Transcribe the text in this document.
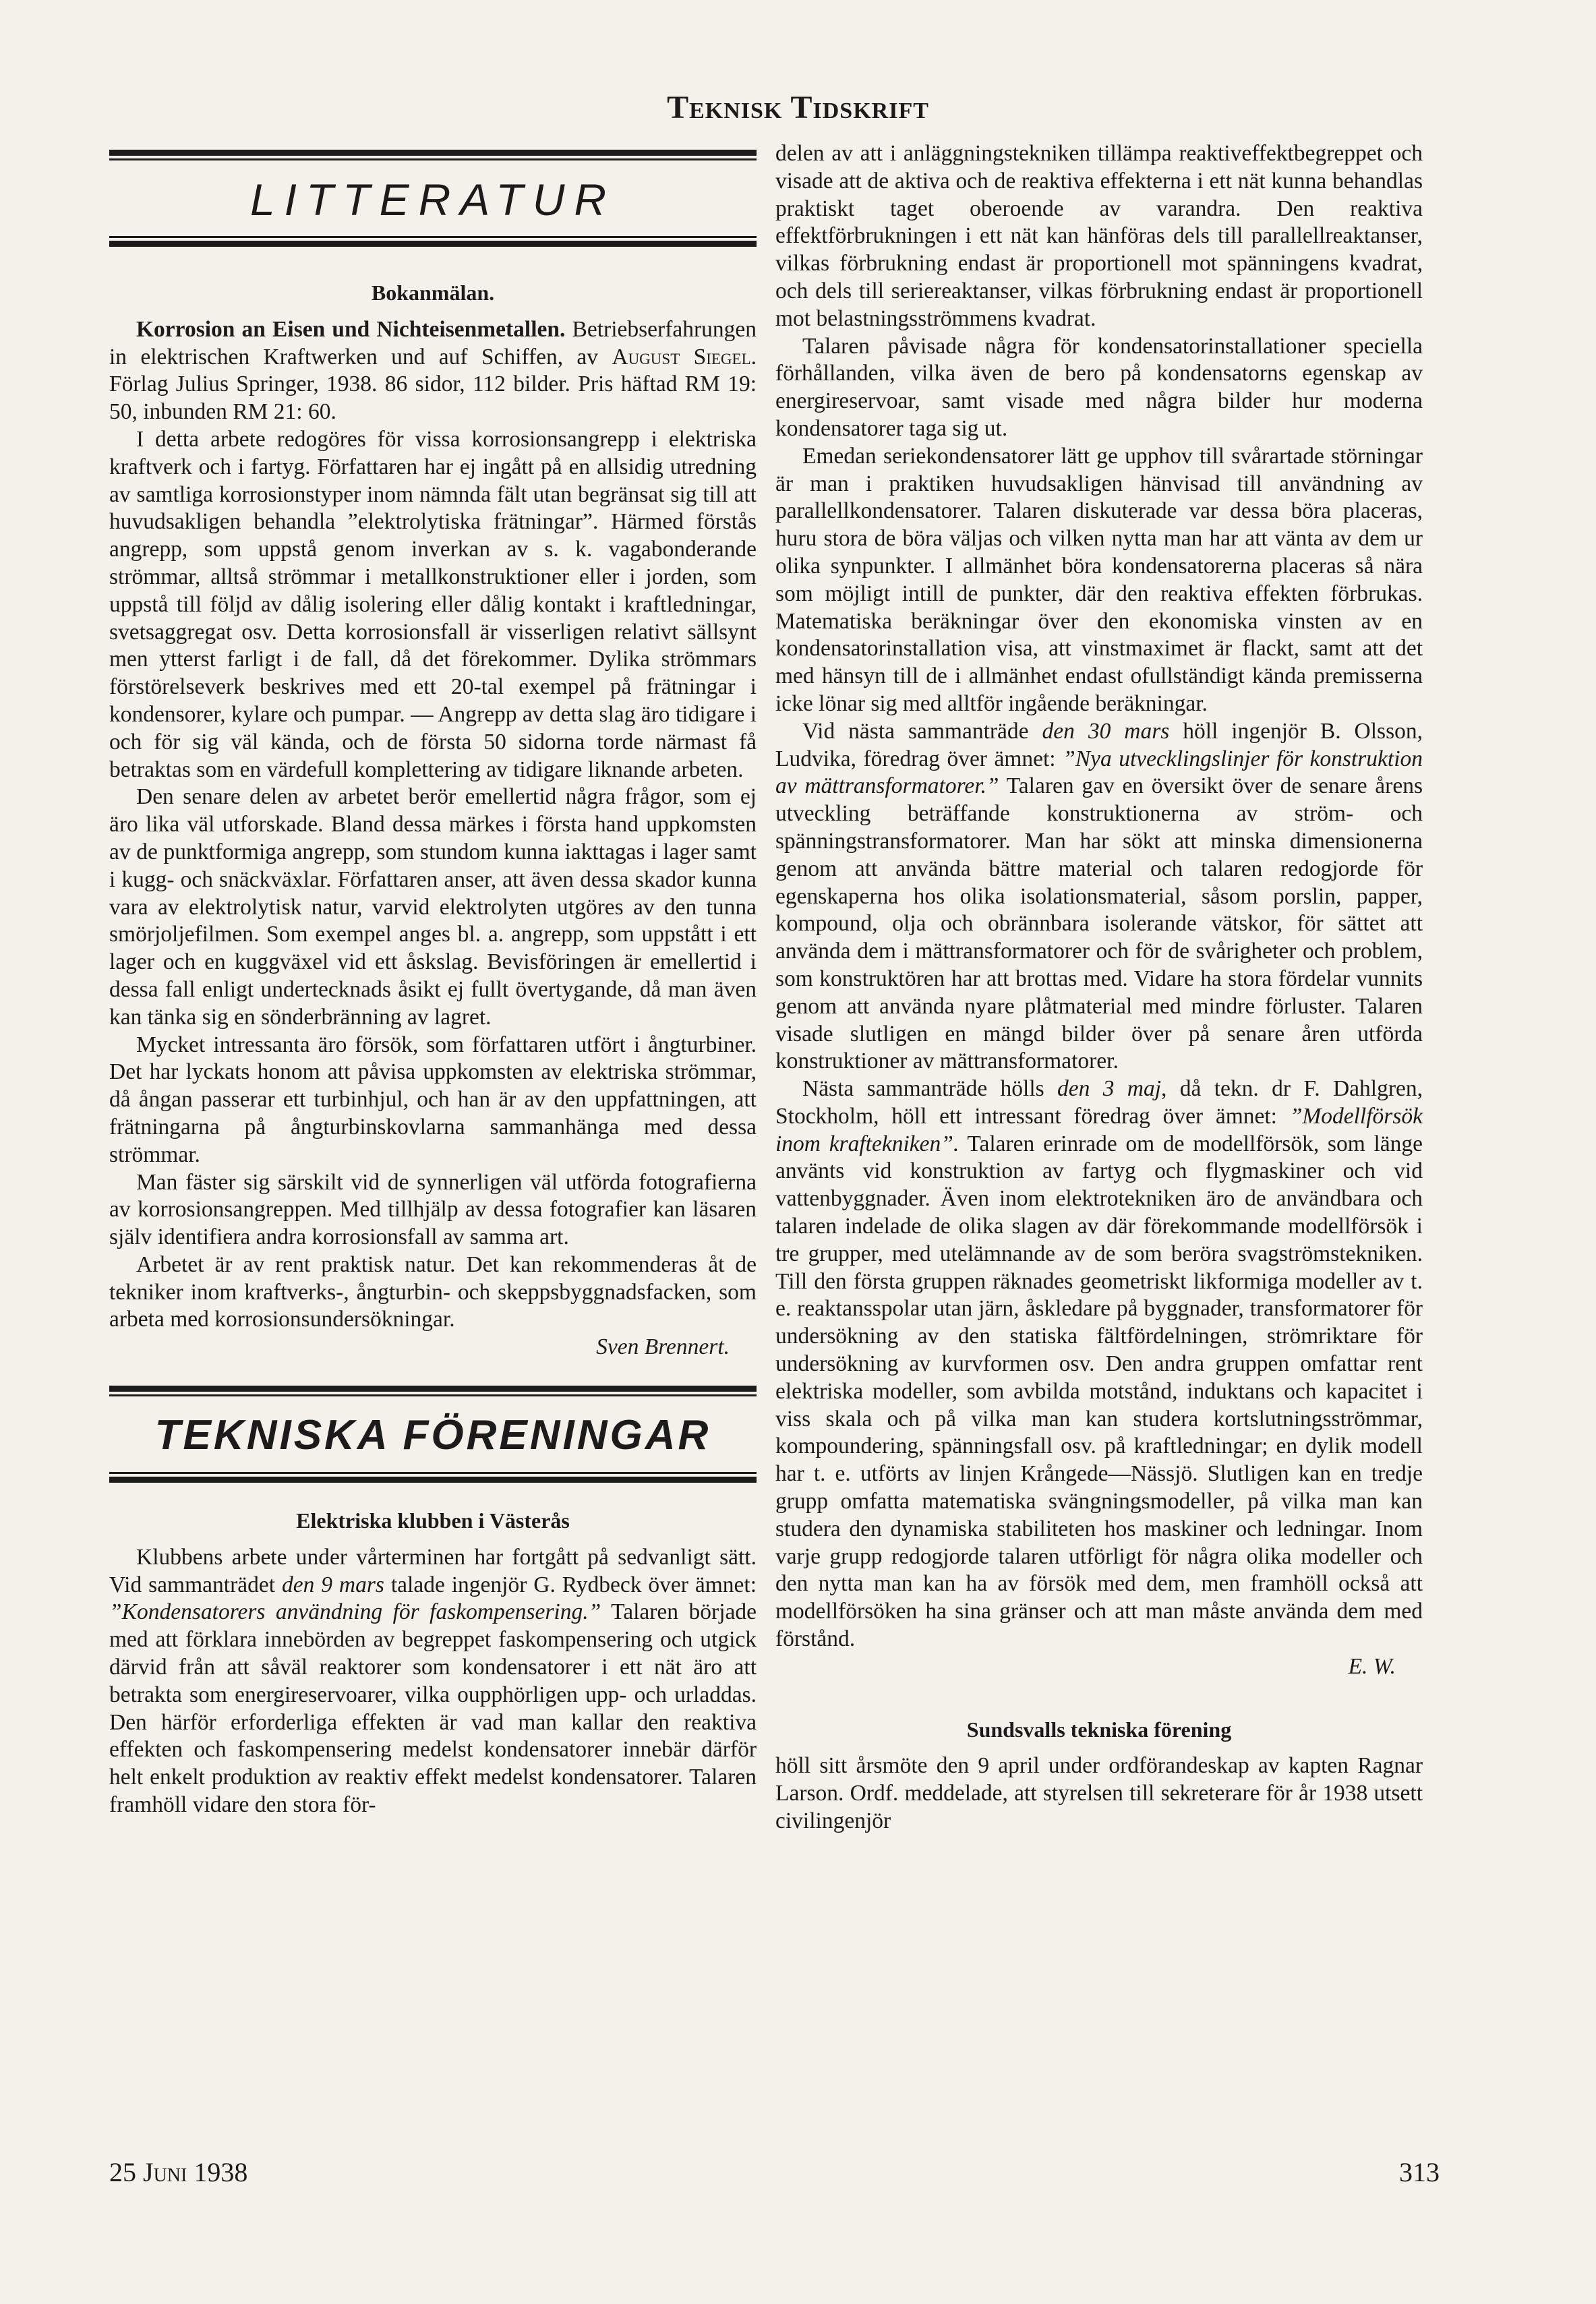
Teknisk Tidskrift
LITTERATUR
Bokanmälan.

Korrosion an Eisen und Nichteisenmetallen. Betriebserfahrungen in elektrischen Kraftwerken und auf Schiffen, av August Siegel. Förlag Julius Springer, 1938. 86 sidor, 112 bilder. Pris häftad RM 19: 50, inbunden RM 21: 60.

I detta arbete redogöres för vissa korrosionsangrepp i elektriska kraftverk och i fartyg. Författaren har ej ingått på en allsidig utredning av samtliga korrosionstyper inom nämnda fält utan begränsat sig till att huvudsakligen behandla ”elektrolytiska frätningar”. Härmed förstås angrepp, som uppstå genom inverkan av s. k. vagabonderande strömmar, alltså strömmar i metallkonstruktioner eller i jorden, som uppstå till följd av dålig isolering eller dålig kontakt i kraftledningar, svetsaggregat osv. Detta korrosionsfall är visserligen relativt sällsynt men ytterst farligt i de fall, då det förekommer. Dylika strömmars förstörelseverk beskrives med ett 20-tal exempel på frätningar i kondensorer, kylare och pumpar. — Angrepp av detta slag äro tidigare i och för sig väl kända, och de första 50 sidorna torde närmast få betraktas som en värdefull komplettering av tidigare liknande arbeten.

Den senare delen av arbetet berör emellertid några frågor, som ej äro lika väl utforskade. Bland dessa märkes i första hand uppkomsten av de punktformiga angrepp, som stundom kunna iakttagas i lager samt i kugg- och snäckväxlar. Författaren anser, att även dessa skador kunna vara av elektrolytisk natur, varvid elektrolyten utgöres av den tunna smörjoljefilmen. Som exempel anges bl. a. angrepp, som uppstått i ett lager och en kuggväxel vid ett åskslag. Bevisföringen är emellertid i dessa fall enligt undertecknads åsikt ej fullt övertygande, då man även kan tänka sig en sönderbränning av lagret.

Mycket intressanta äro försök, som författaren utfört i ångturbiner. Det har lyckats honom att påvisa uppkomsten av elektriska strömmar, då ångan passerar ett turbinhjul, och han är av den uppfattningen, att frätningarna på ångturbinskovlarna sammanhänga med dessa strömmar.

Man fäster sig särskilt vid de synnerligen väl utförda fotografierna av korrosionsangreppen. Med tillhjälp av dessa fotografier kan läsaren själv identifiera andra korrosionsfall av samma art.

Arbetet är av rent praktisk natur. Det kan rekommenderas åt de tekniker inom kraftverks-, ångturbin- och skeppsbyggnadsfacken, som arbeta med korrosionsundersökningar.

Sven Brennert.
TEKNISKA FÖRENINGAR
Elektriska klubben i Västerås

Klubbens arbete under vårterminen har fortgått på sedvanligt sätt. Vid sammanträdet den 9 mars talade ingenjör G. Rydbeck över ämnet: ”Kondensatorers användning för faskompensering.” Talaren började med att förklara innebörden av begreppet faskompensering och utgick därvid från att såväl reaktorer som kondensatorer i ett nät äro att betrakta som energireservoarer, vilka oupphörligen upp- och urladdas. Den härför erforderliga effekten är vad man kallar den reaktiva effekten och faskompensering medelst kondensatorer innebär därför helt enkelt produktion av reaktiv effekt medelst kondensatorer. Talaren framhöll vidare den stora för-

delen av att i anläggningstekniken tillämpa reaktiveffektbegreppet och visade att de aktiva och de reaktiva effekterna i ett nät kunna behandlas praktiskt taget oberoende av varandra. Den reaktiva effektförbrukningen i ett nät kan hänföras dels till parallellreaktanser, vilkas förbrukning endast är proportionell mot spänningens kvadrat, och dels till seriereaktanser, vilkas förbrukning endast är proportionell mot belastningsströmmens kvadrat.

Talaren påvisade några för kondensatorinstallationer speciella förhållanden, vilka även de bero på kondensatorns egenskap av energireservoar, samt visade med några bilder hur moderna kondensatorer taga sig ut.

Emedan seriekondensatorer lätt ge upphov till svårartade störningar är man i praktiken huvudsakligen hänvisad till användning av parallellkondensatorer. Talaren diskuterade var dessa böra placeras, huru stora de böra väljas och vilken nytta man har att vänta av dem ur olika synpunkter. I allmänhet böra kondensatorerna placeras så nära som möjligt intill de punkter, där den reaktiva effekten förbrukas. Matematiska beräkningar över den ekonomiska vinsten av en kondensatorinstallation visa, att vinstmaximet är flackt, samt att det med hänsyn till de i allmänhet endast ofullständigt kända premisserna icke lönar sig med alltför ingående beräkningar.

Vid nästa sammanträde den 30 mars höll ingenjör B. Olsson, Ludvika, föredrag över ämnet: ”Nya utvecklingslinjer för konstruktion av mättransformatorer.” Talaren gav en översikt över de senare årens utveckling beträffande konstruktionerna av ström- och spänningstransformatorer. Man har sökt att minska dimensionerna genom att använda bättre material och talaren redogjorde för egenskaperna hos olika isolationsmaterial, såsom porslin, papper, kompound, olja och obrännbara isolerande vätskor, för sättet att använda dem i mättransformatorer och för de svårigheter och problem, som konstruktören har att brottas med. Vidare ha stora fördelar vunnits genom att använda nyare plåtmaterial med mindre förluster. Talaren visade slutligen en mängd bilder över på senare åren utförda konstruktioner av mättransformatorer.

Nästa sammanträde hölls den 3 maj, då tekn. dr F. Dahlgren, Stockholm, höll ett intressant föredrag över ämnet: ”Modellförsök inom kraftekniken”. Talaren erinrade om de modellförsök, som länge använts vid konstruktion av fartyg och flygmaskiner och vid vattenbyggnader. Även inom elektrotekniken äro de användbara och talaren indelade de olika slagen av där förekommande modellförsök i tre grupper, med utelämnande av de som beröra svagströmstekniken. Till den första gruppen räknades geometriskt likformiga modeller av t. e. reaktansspolar utan järn, åskledare på byggnader, transformatorer för undersökning av den statiska fältfördelningen, strömriktare för undersökning av kurvformen osv. Den andra gruppen omfattar rent elektriska modeller, som avbilda motstånd, induktans och kapacitet i viss skala och på vilka man kan studera kortslutningsströmmar, kompoundering, spänningsfall osv. på kraftledningar; en dylik modell har t. e. utförts av linjen Krångede—Nässjö. Slutligen kan en tredje grupp omfatta matematiska svängningsmodeller, på vilka man kan studera den dynamiska stabiliteten hos maskiner och ledningar. Inom varje grupp redogjorde talaren utförligt för några olika modeller och den nytta man kan ha av försök med dem, men framhöll också att modellförsöken ha sina gränser och att man måste använda dem med förstånd.

E. W.
Sundsvalls tekniska förening

höll sitt årsmöte den 9 april under ordförandeskap av kapten Ragnar Larson. Ordf. meddelade, att styrelsen till sekreterare för år 1938 utsett civilingenjör

25 Juni 1938	313
